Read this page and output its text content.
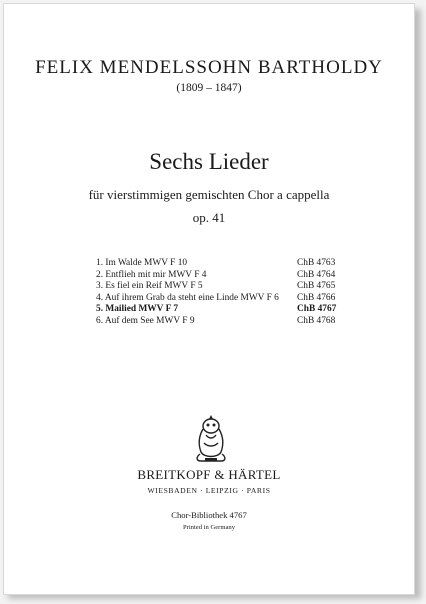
FELIX MENDELSSOHN BARTHOLDY
(1809 – 1847)
Sechs Lieder
für vierstimmigen gemischten Chor a cappella
op. 41
1. Im Walde MWV F 10	ChB 4763
2. Entflieh mit mir MWV F 4	ChB 4764
3. Es fiel ein Reif MWV F 5	ChB 4765
4. Auf ihrem Grab da steht eine Linde MWV F 6 ChB 4766
5. Mailied MWV F 7	ChB 4767
6. Auf dem See MWV F 9	ChB 4768
BREITKOPF & HÄRTEL
WIESBADEN · LEIPZIG · PARIS
Chor-Bibliothek 4767
Printed in Germany
